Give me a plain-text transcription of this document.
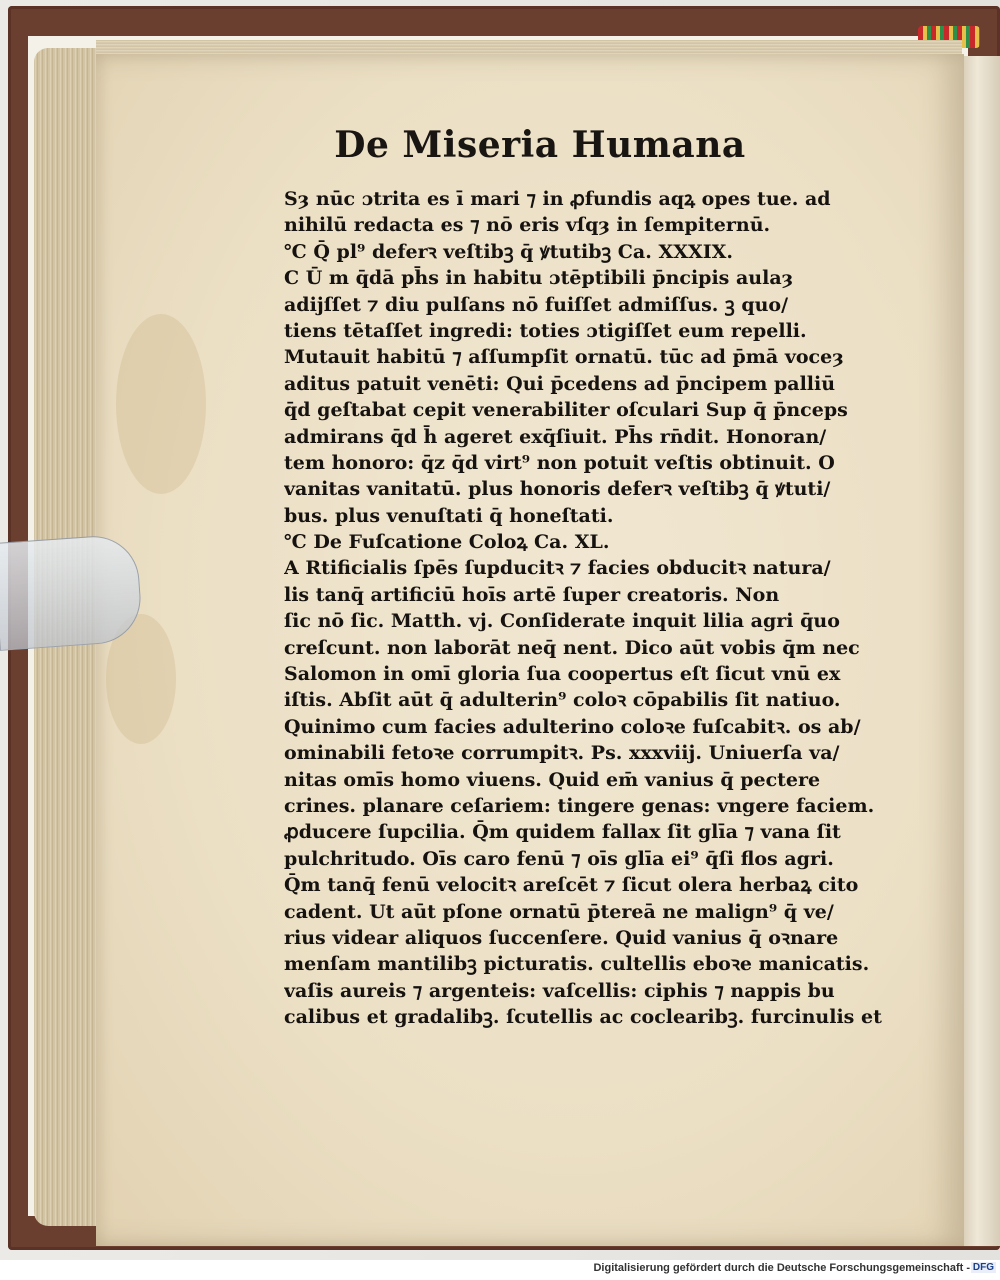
De Miseria Humana
Sȝ nūc ɔtrita es ī mari ⁊ in ꝓfundis aqꝝ opes tue. ad
nihilū redacta es ⁊ nō eris vſqȝ in ſempiternū.
℃ Q̄ pl⁹ deferꝛ veſtibꝫ q̄ ꝟtutibꝫ Ca. XXXIX.
C Ū m q̄dā ph̄s in habitu ɔtēptibili p̄ncipis aulaȝ
adijſſet ⁊ diu pulſans nō fuiſſet admiſſus. ꝫ quo/
tiens tētaſſet ingredi: toties ɔtigiſſet eum repelli.
Mutauit habitū ⁊ aſſumpſit ornatū. tūc ad p̄mā voceȝ
aditus patuit venēti: Qui p̄cedens ad p̄ncipem palliū
q̄d geſtabat cepit venerabiliter oſculari Sup q̄ p̄nceps
admirans q̄d h̄ ageret exq̄ſiuit. Ph̄s rn̄dit. Honoran/
tem honoro: q̄z q̄d virt⁹ non potuit veſtis obtinuit. O
vanitas vanitatū. plus honoris deferꝛ veſtibꝫ q̄ ꝟtuti/
bus. plus venuſtati q̄ honeſtati.
℃ De Fuſcatione Coloꝝ Ca. XL.
A Rtificialis ſpēs ſupducitꝛ ⁊ facies obducitꝛ natura/
lis tanq̄ artificiū hoīs artē ſuper creatoris. Non
ſic nō ſic. Matth. vj. Conſiderate inquit lilia agri q̄uo
creſcunt. non laborāt neq̄ nent. Dico aūt vobis q̄m nec
Salomon in omī gloria ſua coopertus eſt ſicut vnū ex
iſtis. Abſit aūt q̄ adulterin⁹ coloꝛ cōpabilis ſit natiuo.
Quinimo cum facies adulterino coloꝛe fuſcabitꝛ. os ab/
ominabili fetoꝛe corrumpitꝛ. Ps. xxxviij. Uniuerſa va/
nitas omīs homo viuens. Quid em̄ vanius q̄ pectere
crines. planare ceſariem: tingere genas: vngere faciem.
ꝓducere ſupcilia. Q̄m quidem fallax ſit glīa ⁊ vana ſit
pulchritudo. Oīs caro fenū ⁊ oīs glīa ei⁹ q̄ſi flos agri.
Q̄m tanq̄ fenū velocitꝛ areſcēt ⁊ ſicut olera herbaꝝ cito
cadent. Ut aūt pſone ornatū p̄tereā ne malign⁹ q̄ ve/
rius videar aliquos ſuccenſere. Quid vanius q̄ oꝛnare
menſam mantilibꝫ picturatis. cultellis eboꝛe manicatis.
vaſis aureis ⁊ argenteis: vaſcellis: ciphis ⁊ nappis bu
calibus et gradalibꝫ. ſcutellis ac coclearibꝫ. furcinulis et
Digitalisierung gefördert durch die Deutsche Forschungsgemeinschaft - DFG
